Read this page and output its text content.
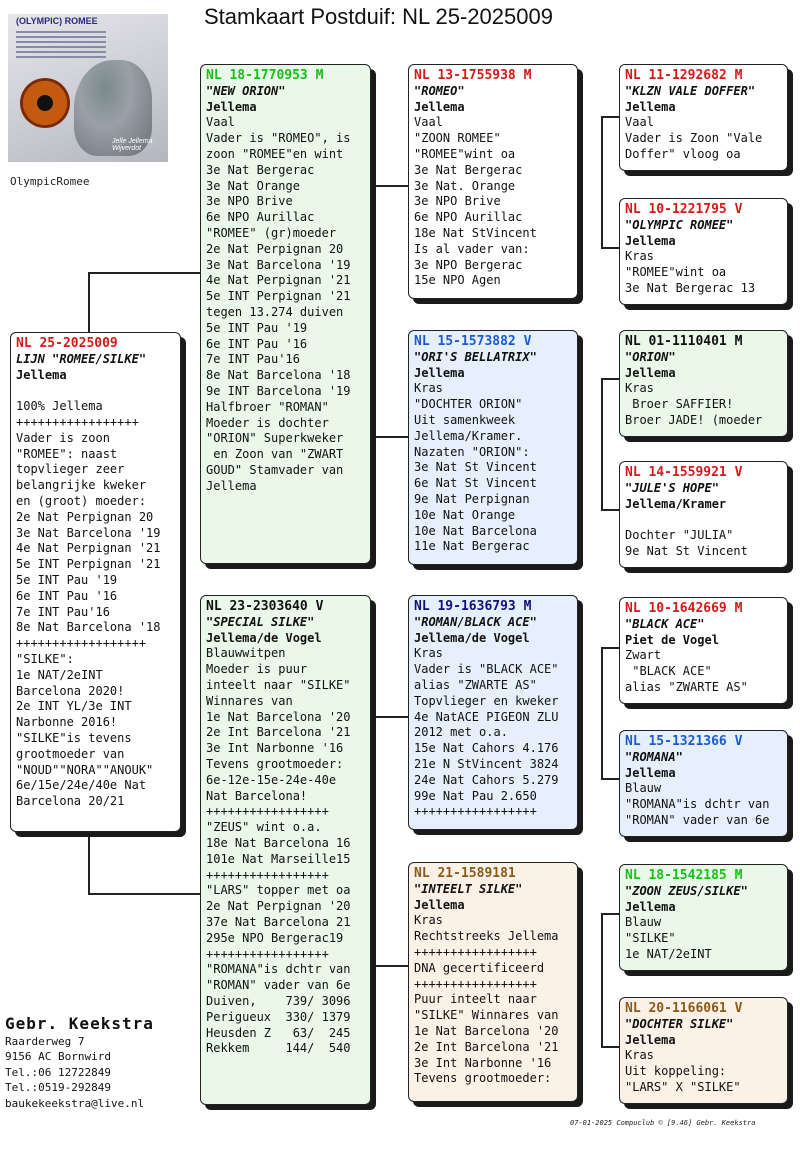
Stamkaart Postduif: NL 25-2025009
(OLYMPIC) ROMEE
Jelle Jellema Wijverdot
OlympicRomee
NL 25-2025009
LIJN "ROMEE/SILKE"
Jellema

100% Jellema
+++++++++++++++++
Vader is zoon
"ROMEE": naast
topvlieger zeer
belangrijke kweker
en (groot) moeder:
2e Nat Perpignan 20
3e Nat Barcelona '19
4e Nat Perpignan '21
5e INT Perpignan '21
5e INT Pau '19
6e INT Pau '16
7e INT Pau'16
8e Nat Barcelona '18
++++++++++++++++++
"SILKE":
1e NAT/2eINT
Barcelona 2020!
2e INT YL/3e INT
Narbonne 2016!
"SILKE"is tevens
grootmoeder van
"NOUD""NORA""ANOUK"
6e/15e/24e/40e Nat
Barcelona 20/21
NL 18-1770953 M
"NEW ORION"
Jellema
Vaal
Vader is "ROMEO", is
zoon "ROMEE"en wint
3e Nat Bergerac
3e Nat Orange
3e NPO Brive
6e NPO Aurillac
"ROMEE" (gr)moeder
2e Nat Perpignan 20
3e Nat Barcelona '19
4e Nat Perpignan '21
5e INT Perpignan '21
tegen 13.274 duiven
5e INT Pau '19
6e INT Pau '16
7e INT Pau'16
8e Nat Barcelona '18
9e INT Barcelona '19
Halfbroer "ROMAN"
Moeder is dochter
"ORION" Superkweker
en Zoon van "ZWART
GOUD" Stamvader van
Jellema
NL 23-2303640 V
"SPECIAL SILKE"
Jellema/de Vogel
Blauwwitpen
Moeder is puur
inteelt naar "SILKE"
Winnares van
1e Nat Barcelona '20
2e Int Barcelona '21
3e Int Narbonne '16
Tevens grootmoeder:
6e-12e-15e-24e-40e
Nat Barcelona!
+++++++++++++++++
"ZEUS" wint o.a.
18e Nat Barcelona 16
101e Nat Marseille15
+++++++++++++++++
"LARS" topper met oa
2e Nat Perpignan '20
37e Nat Barcelona 21
295e NPO Bergerac19
+++++++++++++++++
"ROMANA"is dchtr van
"ROMAN" vader van 6e
Duiven,    739/ 3096
Perigueux  330/ 1379
Heusden Z   63/  245
Rekkem     144/  540
NL 13-1755938 M
"ROMEO"
Jellema
Vaal
"ZOON ROMEE"
"ROMEE"wint oa
3e Nat Bergerac
3e Nat. Orange
3e NPO Brive
6e NPO Aurillac
18e Nat StVincent
Is al vader van:
3e NPO Bergerac
15e NPO Agen
NL 15-1573882 V
"ORI'S BELLATRIX"
Jellema
Kras
"DOCHTER ORION"
Uit samenkweek
Jellema/Kramer.
Nazaten "ORION":
3e Nat St Vincent
6e Nat St Vincent
9e Nat Perpignan
10e Nat Orange
10e Nat Barcelona
11e Nat Bergerac
NL 19-1636793 M
"ROMAN/BLACK ACE"
Jellema/de Vogel
Kras
Vader is "BLACK ACE"
alias "ZWARTE AS"
Topvlieger en kweker
4e NatACE PIGEON ZLU
2012 met o.a.
15e Nat Cahors 4.176
21e N StVincent 3824
24e Nat Cahors 5.279
99e Nat Pau 2.650
+++++++++++++++++
NL 21-1589181
"INTEELT SILKE"
Jellema
Kras
Rechtstreeks Jellema
+++++++++++++++++
DNA gecertificeerd
+++++++++++++++++
Puur inteelt naar
"SILKE" Winnares van
1e Nat Barcelona '20
2e Int Barcelona '21
3e Int Narbonne '16
Tevens grootmoeder:
NL 11-1292682 M
"KLZN VALE DOFFER"
Jellema
Vaal
Vader is Zoon "Vale
Doffer" vloog oa
NL 10-1221795 V
"OLYMPIC ROMEE"
Jellema
Kras
"ROMEE"wint oa
3e Nat Bergerac 13
NL 01-1110401 M
"ORION"
Jellema
Kras
Broer SAFFIER!
Broer JADE! (moeder
NL 14-1559921 V
"JULE'S HOPE"
Jellema/Kramer

Dochter "JULIA"
9e Nat St Vincent
NL 10-1642669 M
"BLACK ACE"
Piet de Vogel
Zwart
"BLACK ACE"
alias "ZWARTE AS"
NL 15-1321366 V
"ROMANA"
Jellema
Blauw
"ROMANA"is dchtr van
"ROMAN" vader van 6e
NL 18-1542185 M
"ZOON ZEUS/SILKE"
Jellema
Blauw
"SILKE"
1e NAT/2eINT
NL 20-1166061 V
"DOCHTER SILKE"
Jellema
Kras
Uit koppeling:
"LARS" X "SILKE"
Gebr. Keekstra
Raarderweg 7
9156 AC Bornwird
Tel.:06 12722849
Tel.:0519-292849
baukekeekstra@live.nl
07-01-2025 Compuclub © [9.46] Gebr. Keekstra
